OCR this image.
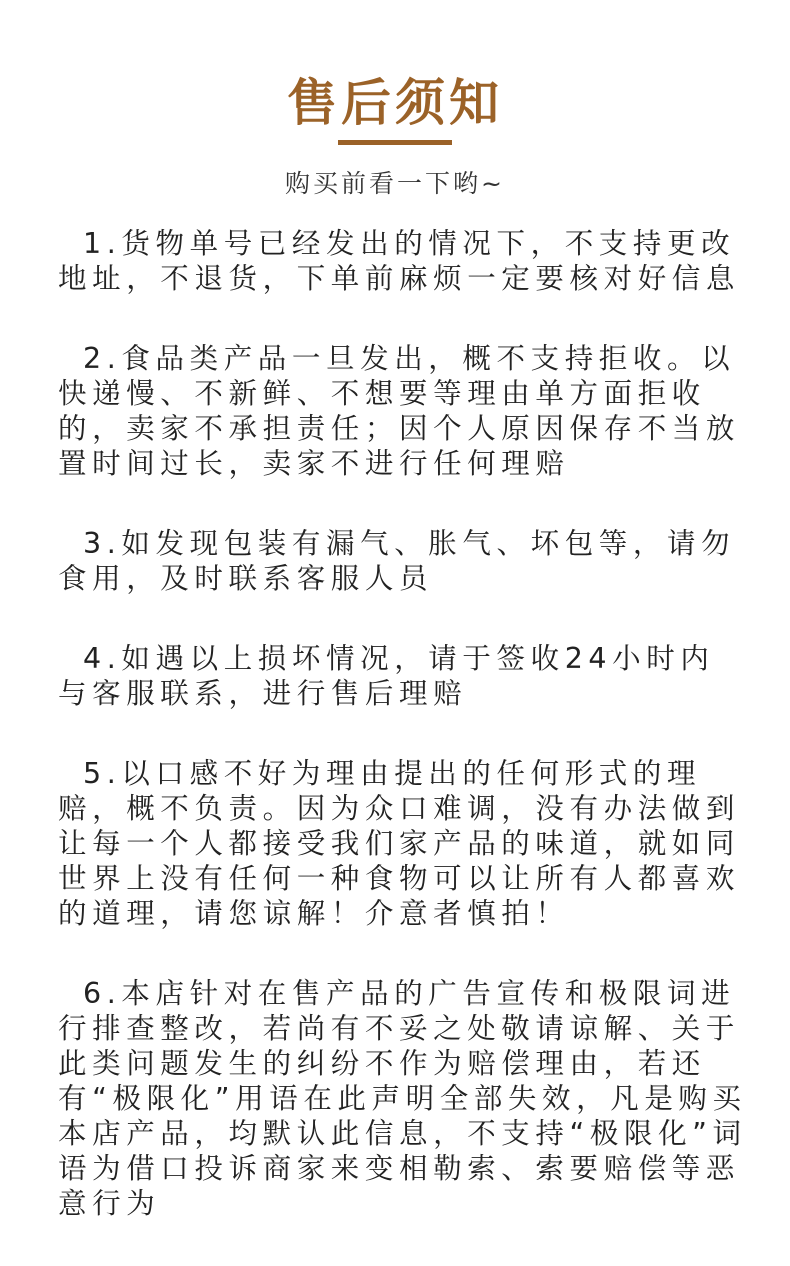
售后须知
购买前看一下哟~

1.货物单号已经发出的情况下，不支持更改地址，不退货，下单前麻烦一定要核对好信息

2.食品类产品一旦发出，概不支持拒收。以快递慢、不新鲜、不想要等理由单方面拒收的，卖家不承担责任；因个人原因保存不当放置时间过长，卖家不进行任何理赔

3.如发现包装有漏气、胀气、坏包等，请勿食用，及时联系客服人员

4.如遇以上损坏情况，请于签收24小时内与客服联系，进行售后理赔

5.以口感不好为理由提出的任何形式的理赔，概不负责。因为众口难调，没有办法做到让每一个人都接受我们家产品的味道，就如同世界上没有任何一种食物可以让所有人都喜欢的道理，请您谅解！介意者慎拍！

6.本店针对在售产品的广告宣传和极限词进行排查整改，若尚有不妥之处敬请谅解、关于此类问题发生的纠纷不作为赔偿理由，若还有“极限化”用语在此声明全部失效，凡是购买本店产品，均默认此信息，不支持“极限化”词语为借口投诉商家来变相勒索、索要赔偿等恶意行为
